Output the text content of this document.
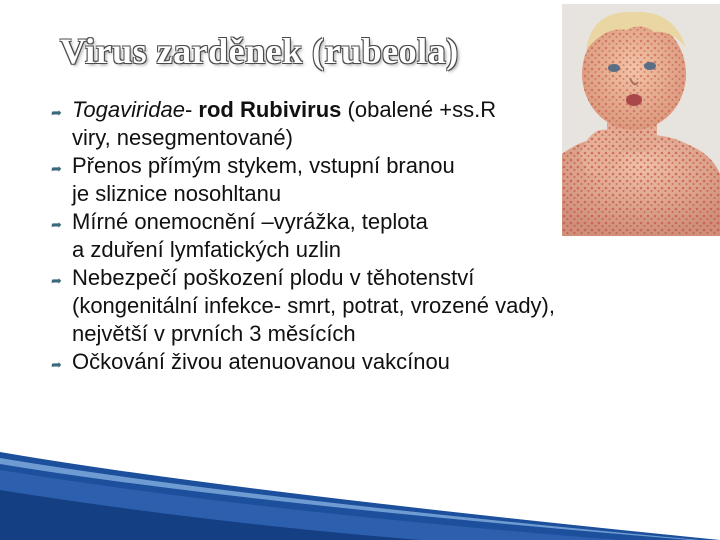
Virus zarděnek (rubeola)
➦ Togaviridae- rod Rubivirus (obalené +ss.R
viry, nesegmentované)
➦ Přenos přímým stykem, vstupní branou
je sliznice nosohltanu
➦ Mírné onemocnění –vyrážka, teplota
a zduření lymfatických uzlin
➦ Nebezpečí poškození plodu v těhotenství
(kongenitální infekce- smrt, potrat, vrozené vady),
největší v prvních 3 měsících
➦ Očkování živou atenuovanou vakcínou
